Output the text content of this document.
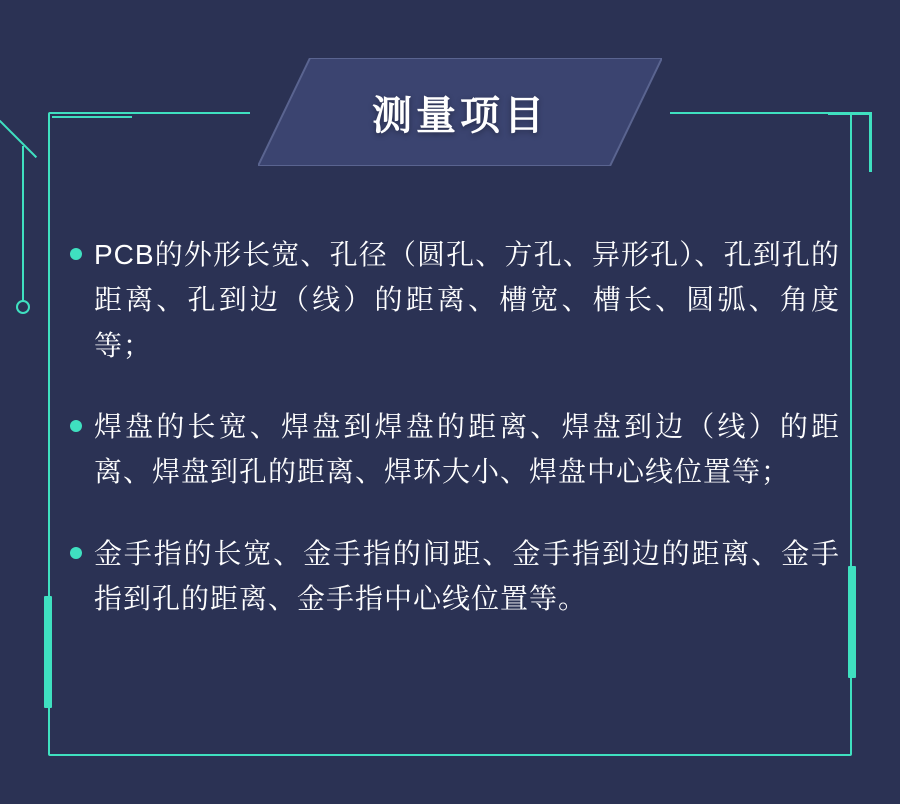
测量项目
PCB的外形长宽、孔径（圆孔、方孔、异形孔）、孔到孔的距离、孔到边（线）的距离、槽宽、槽长、圆弧、角度等；
焊盘的长宽、焊盘到焊盘的距离、焊盘到边（线）的距离、焊盘到孔的距离、焊环大小、焊盘中心线位置等；
金手指的长宽、金手指的间距、金手指到边的距离、金手指到孔的距离、金手指中心线位置等。
